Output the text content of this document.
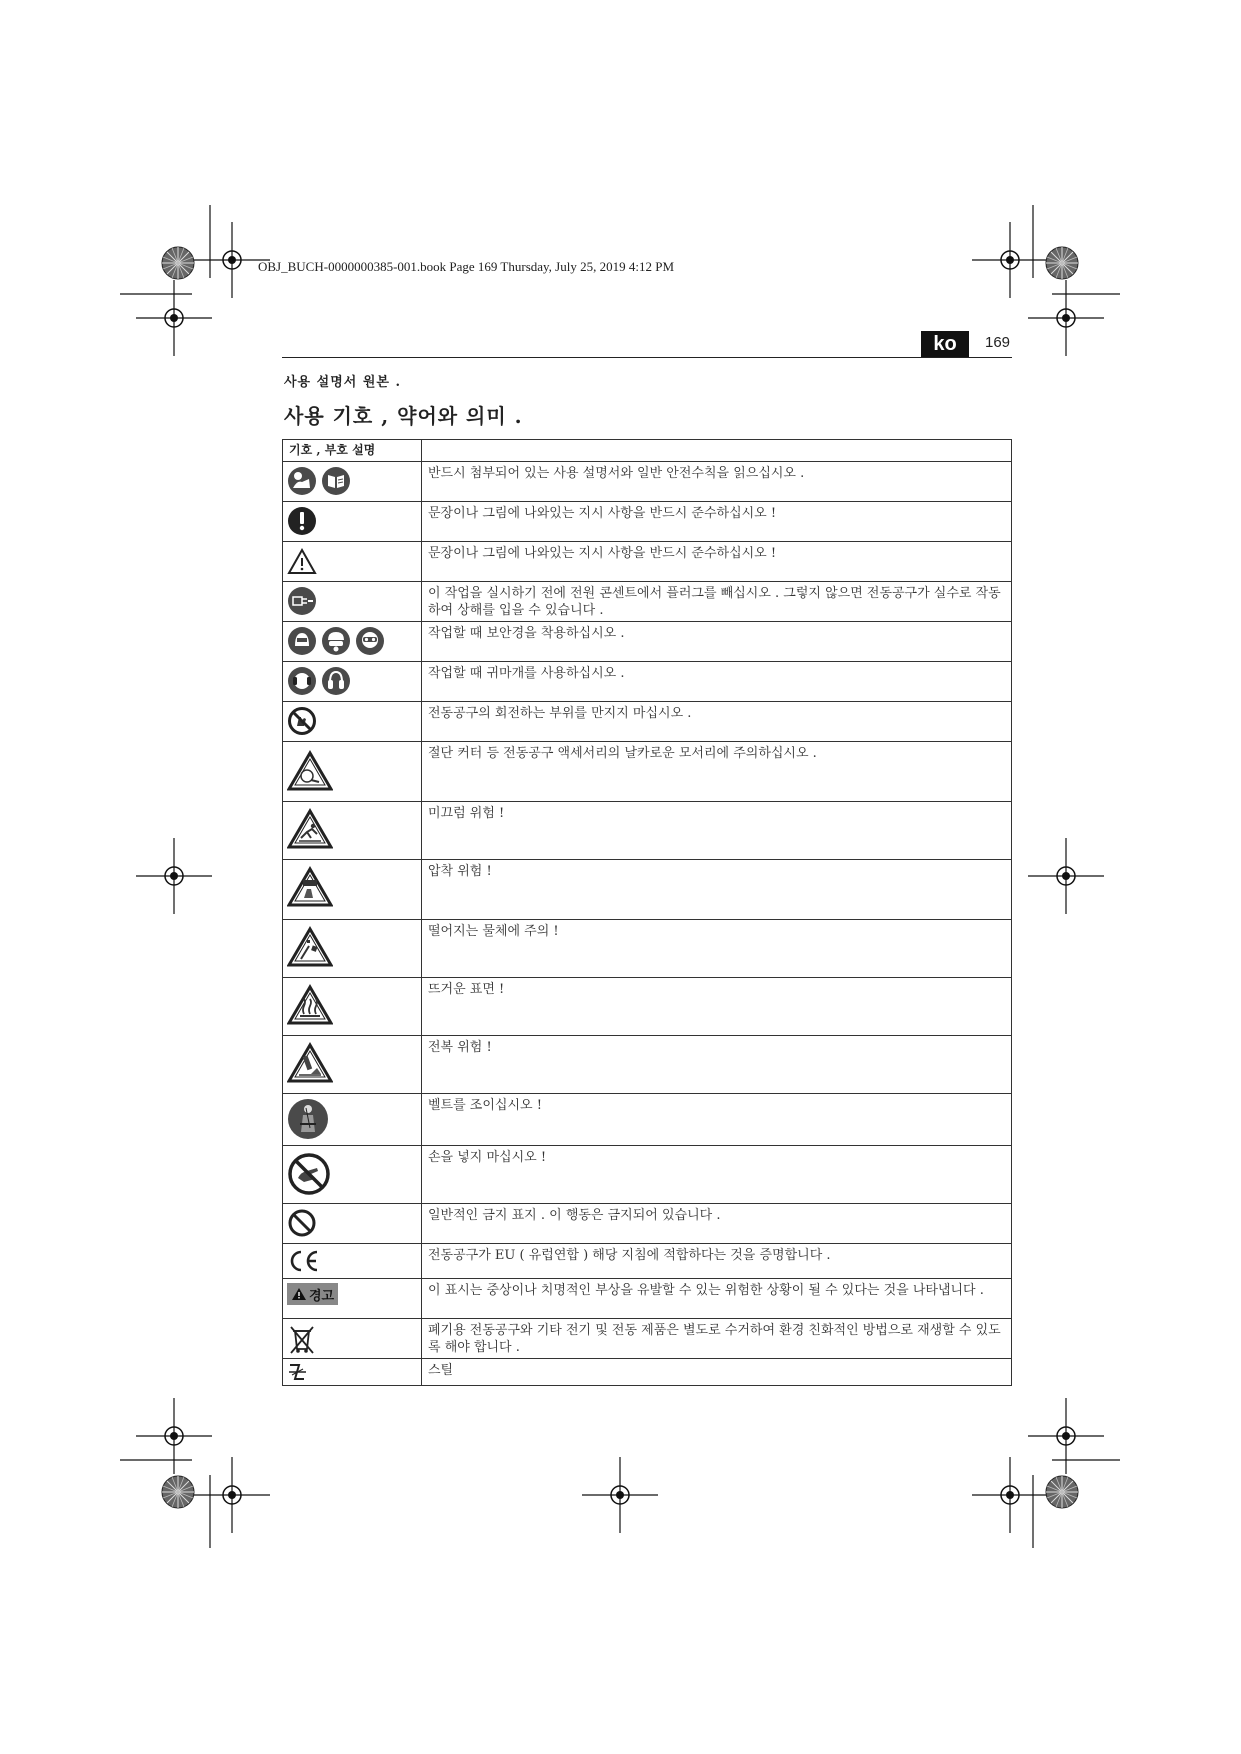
OBJ_BUCH-0000000385-001.book Page 169 Thursday, July 25, 2019 4:12 PM
ko	169
사용 설명서 원본 .
사용 기호 , 약어와 의미 .
기호 , 부호 설명	

	반드시 첨부되어 있는 사용 설명서와 일반 안전수칙을 읽으십시오 .

	문장이나 그림에 나와있는 지시 사항을 반드시 준수하십시오 !

	문장이나 그림에 나와있는 지시 사항을 반드시 준수하십시오 !

	이 작업을 실시하기 전에 전원 콘센트에서 플러그를 빼십시오 . 그렇지 않으면 전동공구가 실수로 작동하여 상해를 입을 수 있습니다 .

	작업할 때 보안경을 착용하십시오 .

	작업할 때 귀마개를 사용하십시오 .

	전동공구의 회전하는 부위를 만지지 마십시오 .

	절단 커터 등 전동공구 액세서리의 날카로운 모서리에 주의하십시오 .

	미끄럼 위험 !

	압착 위험 !

	떨어지는 물체에 주의 !

	뜨거운 표면 !

	전복 위험 !

	벨트를 조이십시오 !

	손을 넣지 마십시오 !

	일반적인 금지 표지 . 이 행동은 금지되어 있습니다 .

	전동공구가 EU ( 유럽연합 ) 해당 지침에 적합하다는 것을 증명합니다 .

경고	이 표시는 중상이나 치명적인 부상을 유발할 수 있는 위험한 상황이 될 수 있다는 것을 나타냅니다 .

	폐기용 전동공구와 기타 전기 및 전동 제품은 별도로 수거하여 환경 친화적인 방법으로 재생할 수 있도록 해야 합니다 .

	스틸
